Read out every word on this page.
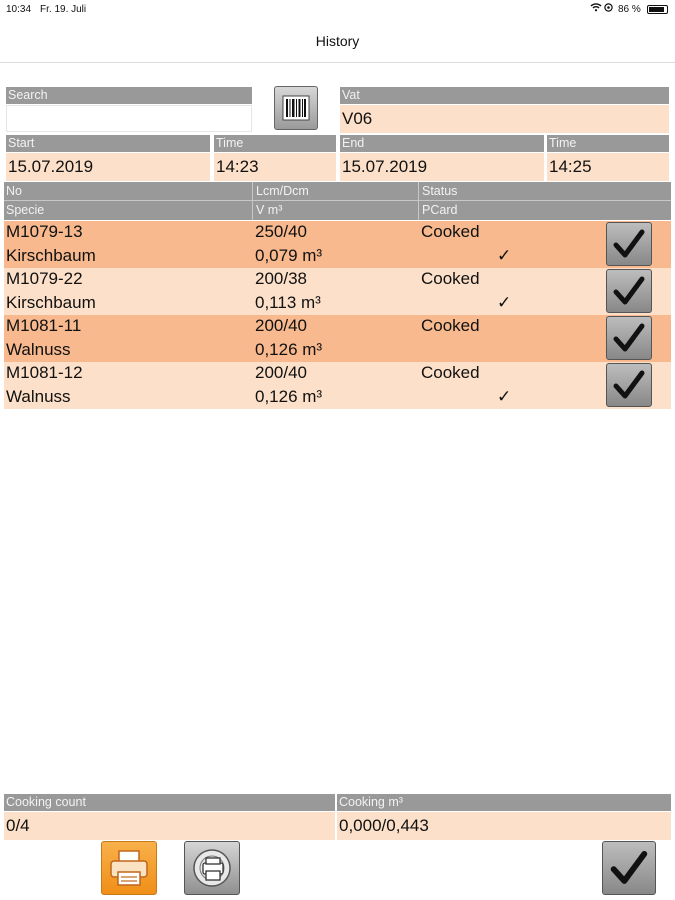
10:34 Fr. 19. Juli	86 %
History
Search	Vat
V06
Start
15.07.2019
Time
14:23
End
15.07.2019
Time
14:25
No	Lcm/Dcm	Status
Specie	V m³	PCard
M1079-13	250/40	Cooked
Kirschbaum	0,079 m³	✓
M1079-22	200/38	Cooked
Kirschbaum	0,113 m³	✓
M1081-11	200/40	Cooked
Walnuss	0,126 m³
M1081-12	200/40	Cooked
Walnuss	0,126 m³	✓
Cooking count
0/4
Cooking m³
0,000/0,443
